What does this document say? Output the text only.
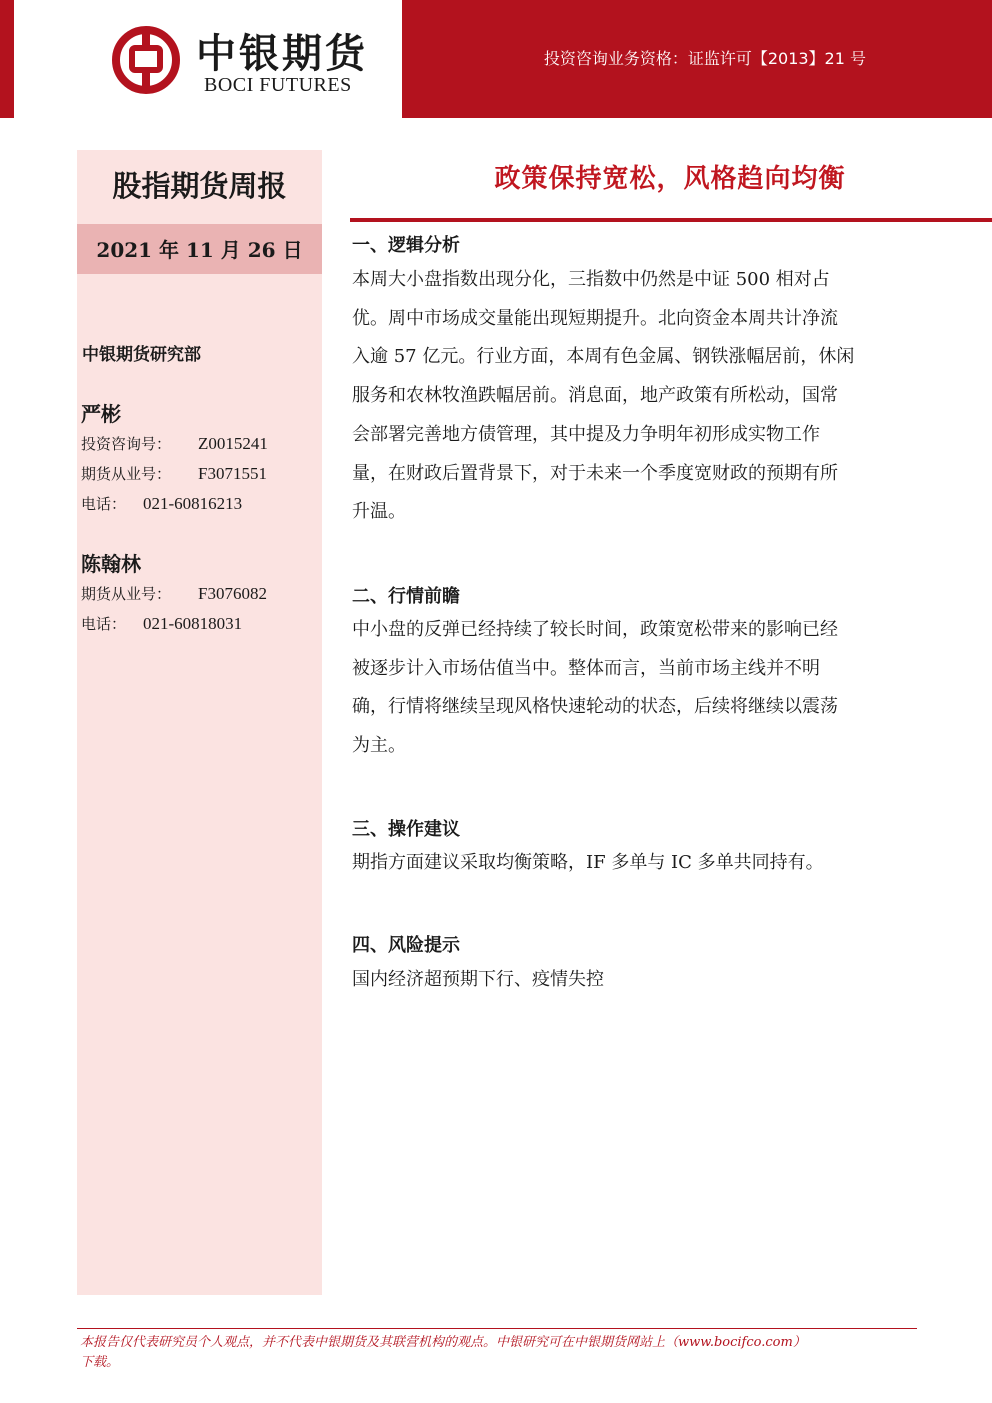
中银期货
BOCI FUTURES
投资咨询业务资格：证监许可【2013】21 号
股指期货周报
2021 年 11 月 26 日
中银期货研究部
严彬
投资咨询号： Z0015241
期货从业号： F3071551
电话： 021-60816213
陈翰林
期货从业号： F3076082
电话： 021-60818031
政策保持宽松，风格趋向均衡
一、逻辑分析
本周大小盘指数出现分化，三指数中仍然是中证 500 相对占
优。周中市场成交量能出现短期提升。北向资金本周共计净流
入逾 57 亿元。行业方面，本周有色金属、钢铁涨幅居前，休闲
服务和农林牧渔跌幅居前。消息面，地产政策有所松动，国常
会部署完善地方债管理，其中提及力争明年初形成实物工作
量，在财政后置背景下，对于未来一个季度宽财政的预期有所
升温。
二、行情前瞻
中小盘的反弹已经持续了较长时间，政策宽松带来的影响已经
被逐步计入市场估值当中。整体而言，当前市场主线并不明
确，行情将继续呈现风格快速轮动的状态，后续将继续以震荡
为主。
三、操作建议
期指方面建议采取均衡策略，IF 多单与 IC 多单共同持有。
四、风险提示
国内经济超预期下行、疫情失控
本报告仅代表研究员个人观点，并不代表中银期货及其联营机构的观点。中银研究可在中银期货网站上（www.bocifco.com）
下载。
